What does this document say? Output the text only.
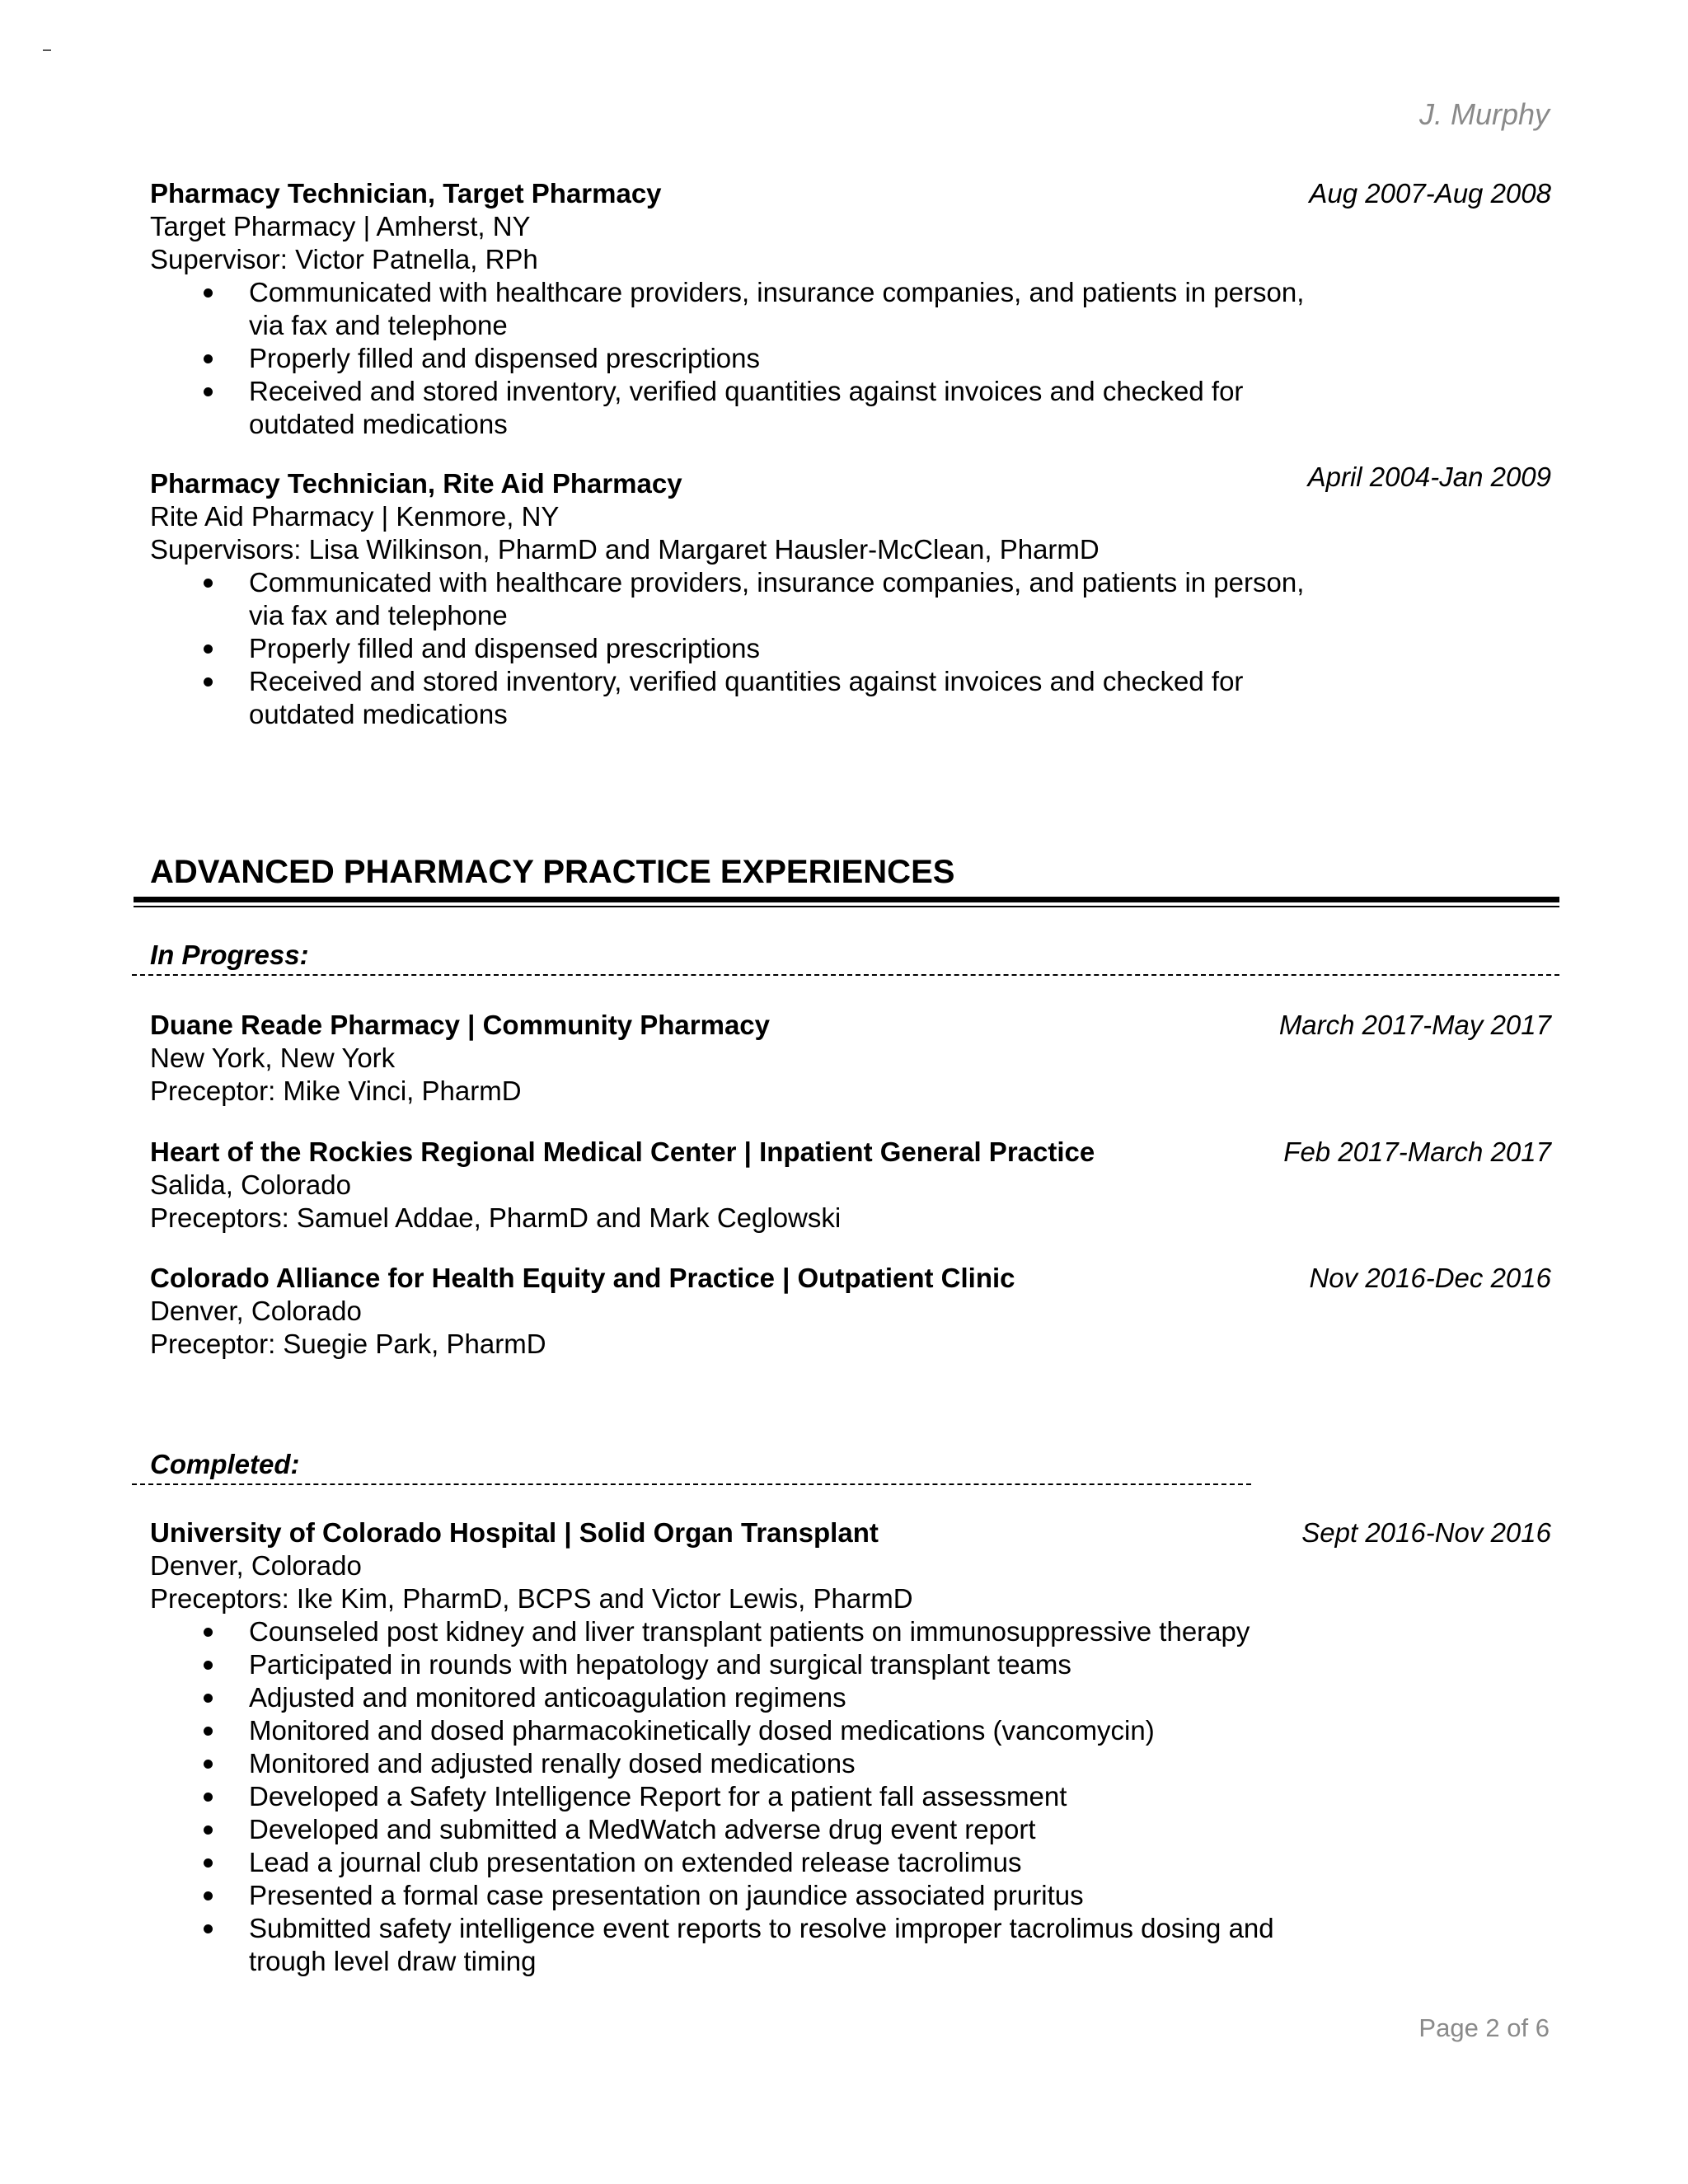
J. Murphy
Pharmacy Technician, Target Pharmacy	Aug 2007-Aug 2008
Target Pharmacy | Amherst, NY
Supervisor: Victor Patnella, RPh
Communicated with healthcare providers, insurance companies, and patients in person, via fax and telephone
Properly filled and dispensed prescriptions
Received and stored inventory, verified quantities against invoices and checked for outdated medications
Pharmacy Technician, Rite Aid Pharmacy	April 2004-Jan 2009
Rite Aid Pharmacy | Kenmore, NY
Supervisors: Lisa Wilkinson, PharmD and Margaret Hausler-McClean, PharmD
Communicated with healthcare providers, insurance companies, and patients in person, via fax and telephone
Properly filled and dispensed prescriptions
Received and stored inventory, verified quantities against invoices and checked for outdated medications
ADVANCED PHARMACY PRACTICE EXPERIENCES
In Progress:
Duane Reade Pharmacy | Community Pharmacy	March 2017-May 2017
New York, New York
Preceptor: Mike Vinci, PharmD
Heart of the Rockies Regional Medical Center | Inpatient General Practice	Feb 2017-March 2017
Salida, Colorado
Preceptors: Samuel Addae, PharmD and Mark Ceglowski
Colorado Alliance for Health Equity and Practice | Outpatient Clinic	Nov 2016-Dec 2016
Denver, Colorado
Preceptor: Suegie Park, PharmD
Completed:
University of Colorado Hospital | Solid Organ Transplant	Sept 2016-Nov 2016
Denver, Colorado
Preceptors: Ike Kim, PharmD, BCPS and Victor Lewis, PharmD
Counseled post kidney and liver transplant patients on immunosuppressive therapy
Participated in rounds with hepatology and surgical transplant teams
Adjusted and monitored anticoagulation regimens
Monitored and dosed pharmacokinetically dosed medications (vancomycin)
Monitored and adjusted renally dosed medications
Developed a Safety Intelligence Report for a patient fall assessment
Developed and submitted a MedWatch adverse drug event report
Lead a journal club presentation on extended release tacrolimus
Presented a formal case presentation on jaundice associated pruritus
Submitted safety intelligence event reports to resolve improper tacrolimus dosing and trough level draw timing
Page 2 of 6
